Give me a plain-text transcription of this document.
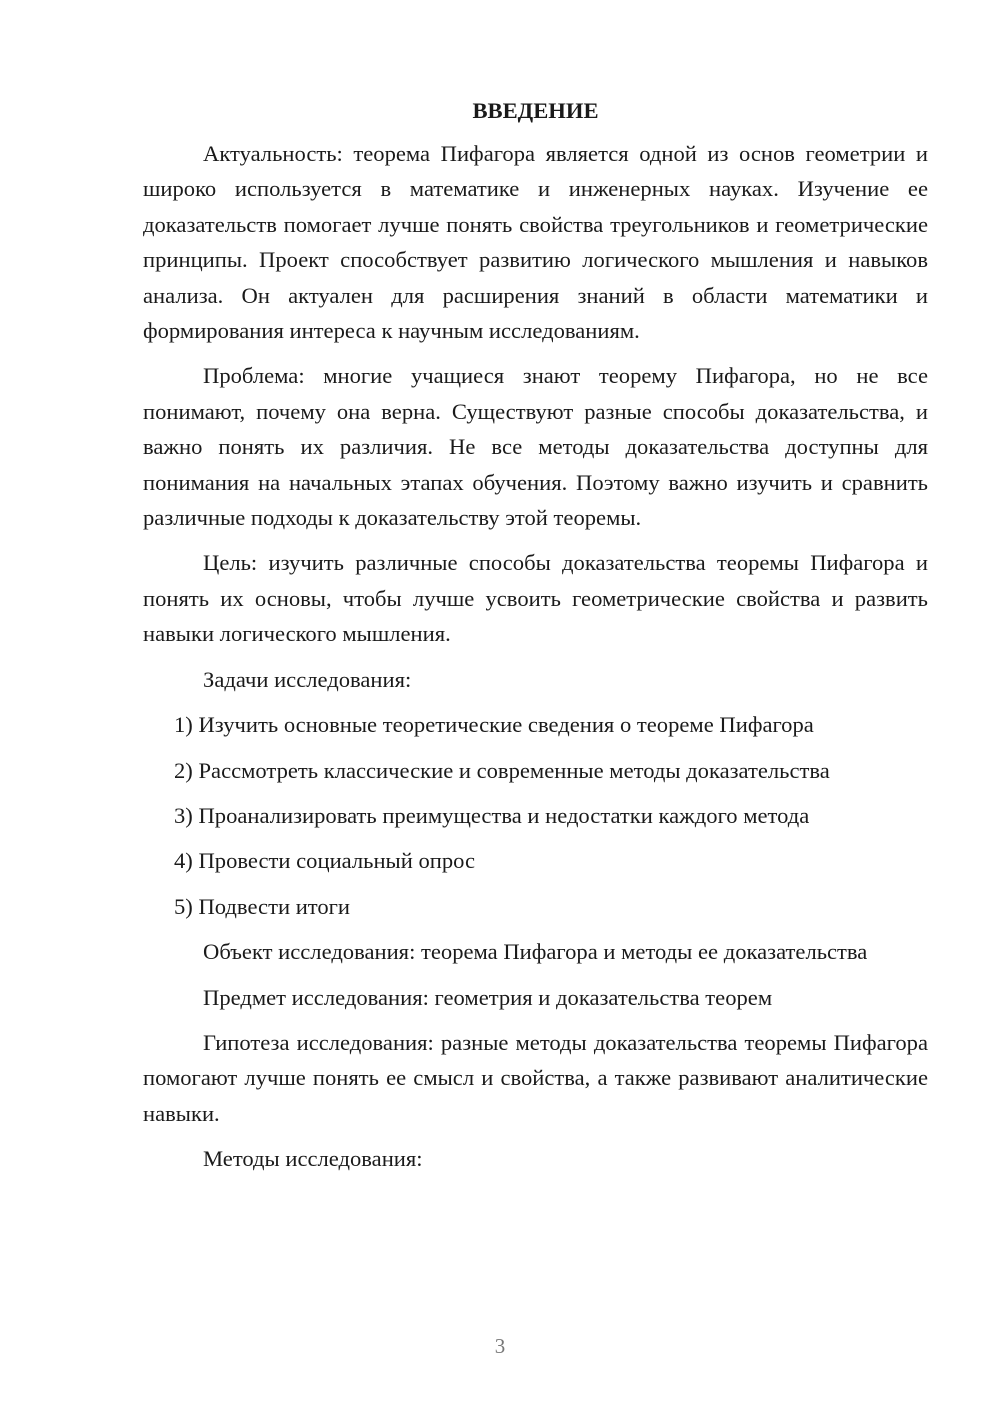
ВВЕДЕНИЕ

Актуальность: теорема Пифагора является одной из основ геометрии и широко используется в математике и инженерных науках. Изучение ее доказательств помогает лучше понять свойства треугольников и геометрические принципы. Проект способствует развитию логического мышления и навыков анализа. Он актуален для расширения знаний в области математики и формирования интереса к научным исследованиям.

Проблема: многие учащиеся знают теорему Пифагора, но не все понимают, почему она верна. Существуют разные способы доказательства, и важно понять их различия. Не все методы доказательства доступны для понимания на начальных этапах обучения. Поэтому важно изучить и сравнить различные подходы к доказательству этой теоремы.

Цель: изучить различные способы доказательства теоремы Пифагора и понять их основы, чтобы лучше усвоить геометрические свойства и развить навыки логического мышления.

Задачи исследования:

1) Изучить основные теоретические сведения о теореме Пифагора
2) Рассмотреть классические и современные методы доказательства
3) Проанализировать преимущества и недостатки каждого метода
4) Провести социальный опрос
5) Подвести итоги

Объект исследования: теорема Пифагора и методы ее доказательства

Предмет исследования: геометрия и доказательства теорем

Гипотеза исследования: разные методы доказательства теоремы Пифагора помогают лучше понять ее смысл и свойства, а также развивают аналитические навыки.

Методы исследования:

3
